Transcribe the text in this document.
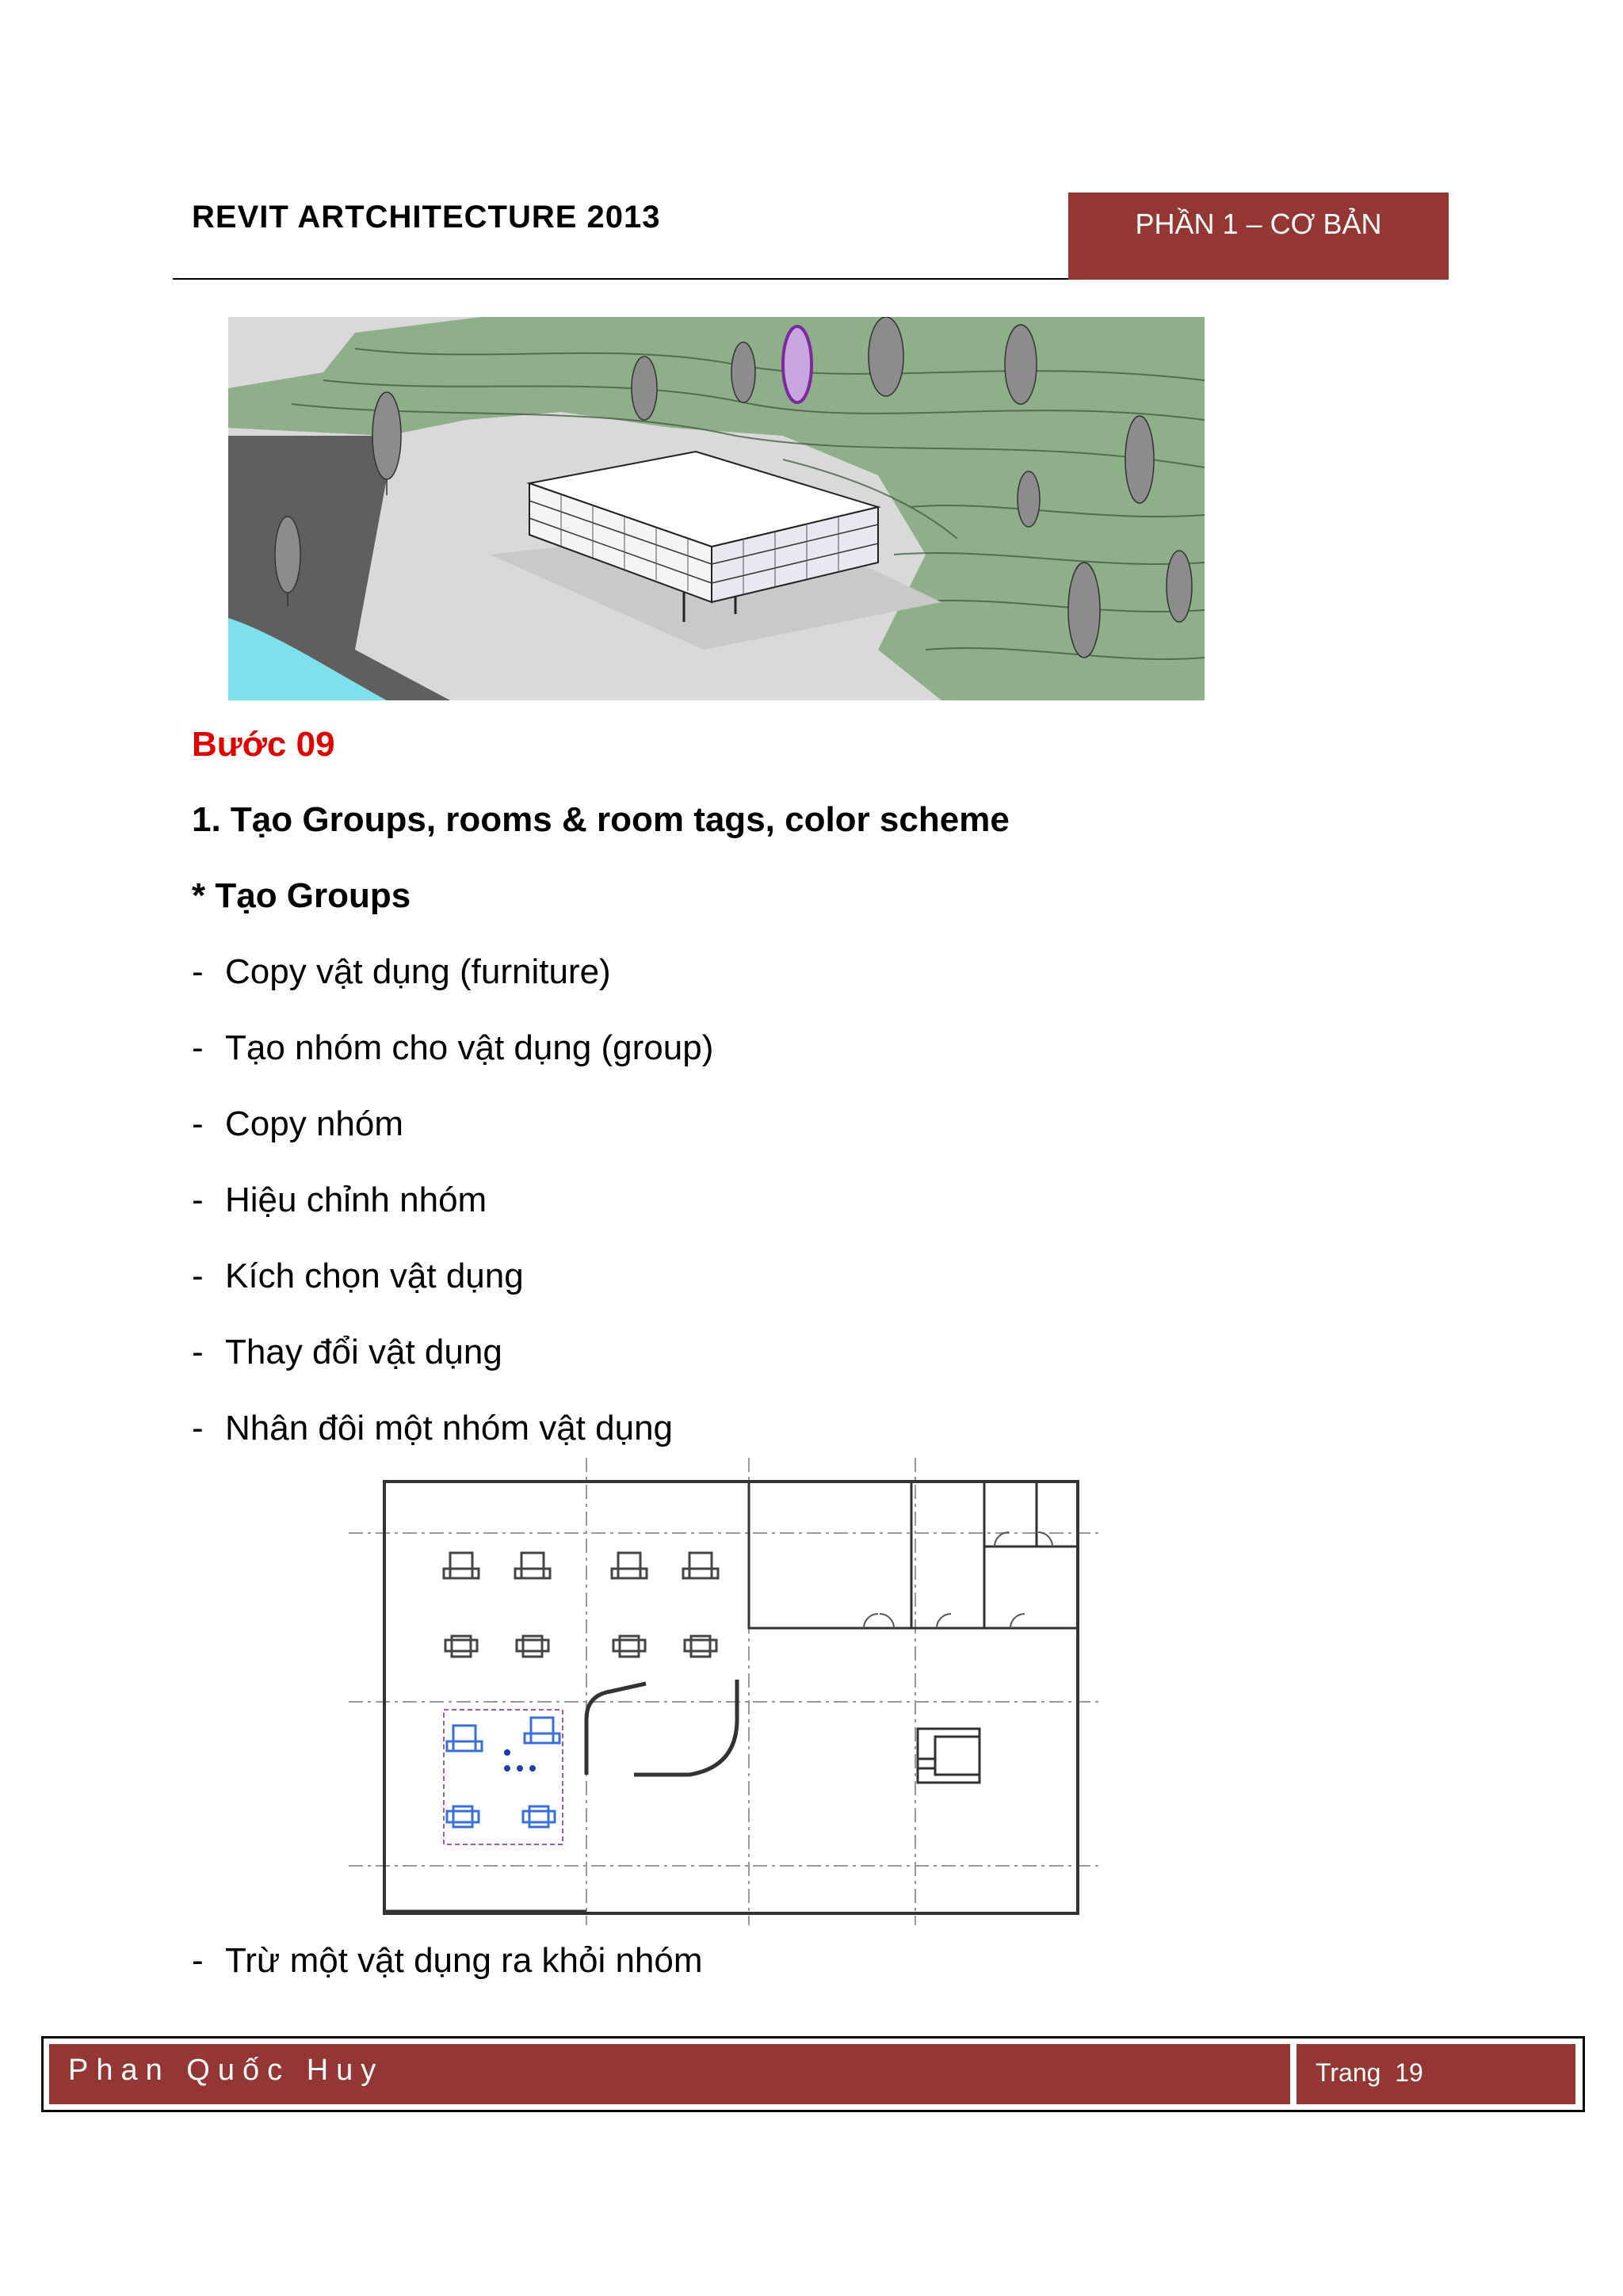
REVIT ARTCHITECTURE 2013	PHẦN 1 – CƠ BẢN
Bước 09
1. Tạo Groups, rooms & room tags, color scheme
* Tạo Groups
- Copy vật dụng (furniture)
- Tạo nhóm cho vật dụng (group)
- Copy nhóm
- Hiệu chỉnh nhóm
- Kích chọn vật dụng
- Thay đổi vật dụng
- Nhân đôi một nhóm vật dụng
- Trừ một vật dụng ra khỏi nhóm
Phan Quốc Huy	Trang 19
